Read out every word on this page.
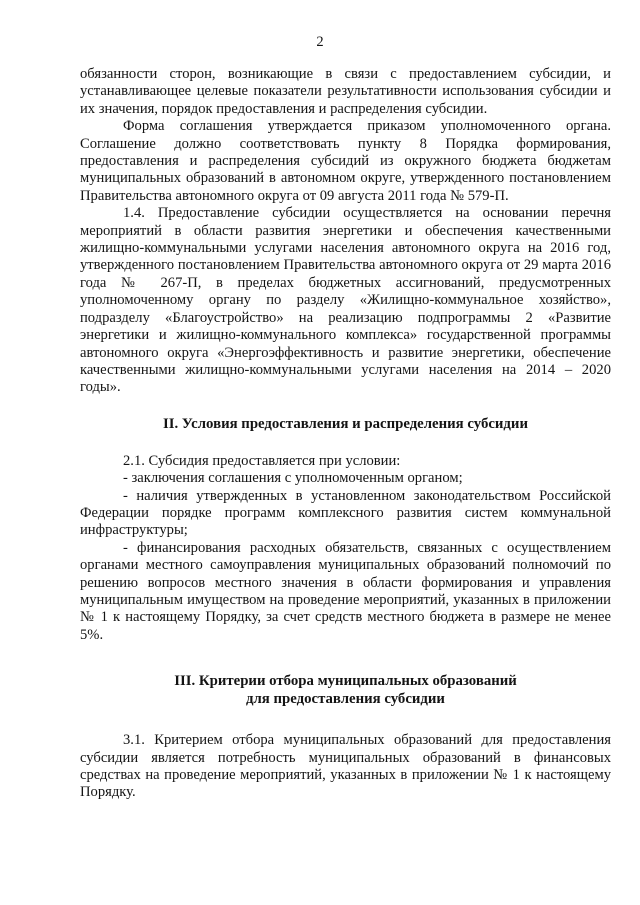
2

обязанности сторон, возникающие в связи с предоставлением субсидии, и устанавливающее целевые показатели результативности использования субсидии и их значения, порядок предоставления и распределения субсидии.

Форма соглашения утверждается приказом уполномоченного органа. Соглашение должно соответствовать пункту 8 Порядка формирования, предоставления и распределения субсидий из окружного бюджета бюджетам муниципальных образований в автономном округе, утвержденного постановлением Правительства автономного округа от 09 августа 2011 года № 579-П.

1.4. Предоставление субсидии осуществляется на основании перечня мероприятий в области развития энергетики и обеспечения качественными жилищно-коммунальными услугами населения автономного округа на 2016 год, утвержденного постановлением Правительства автономного округа от 29 марта 2016 года № 267-П, в пределах бюджетных ассигнований, предусмотренных уполномоченному органу по разделу «Жилищно-коммунальное хозяйство», подразделу «Благоустройство» на реализацию подпрограммы 2 «Развитие энергетики и жилищно-коммунального комплекса» государственной программы автономного округа «Энергоэффективность и развитие энергетики, обеспечение качественными жилищно-коммунальными услугами населения на 2014 – 2020 годы».

II. Условия предоставления и распределения субсидии

2.1. Субсидия предоставляется при условии:

- заключения соглашения с уполномоченным органом;

- наличия утвержденных в установленном законодательством Российской Федерации порядке программ комплексного развития систем коммунальной инфраструктуры;

- финансирования расходных обязательств, связанных с осуществлением органами местного самоуправления муниципальных образований полномочий по решению вопросов местного значения в области формирования и управления муниципальным имуществом на проведение мероприятий, указанных в приложении № 1 к настоящему Порядку, за счет средств местного бюджета в размере не менее 5%.

III. Критерии отбора муниципальных образований

для предоставления субсидии

3.1. Критерием отбора муниципальных образований для предоставления субсидии является потребность муниципальных образований в финансовых средствах на проведение мероприятий, указанных в приложении № 1 к настоящему Порядку.
